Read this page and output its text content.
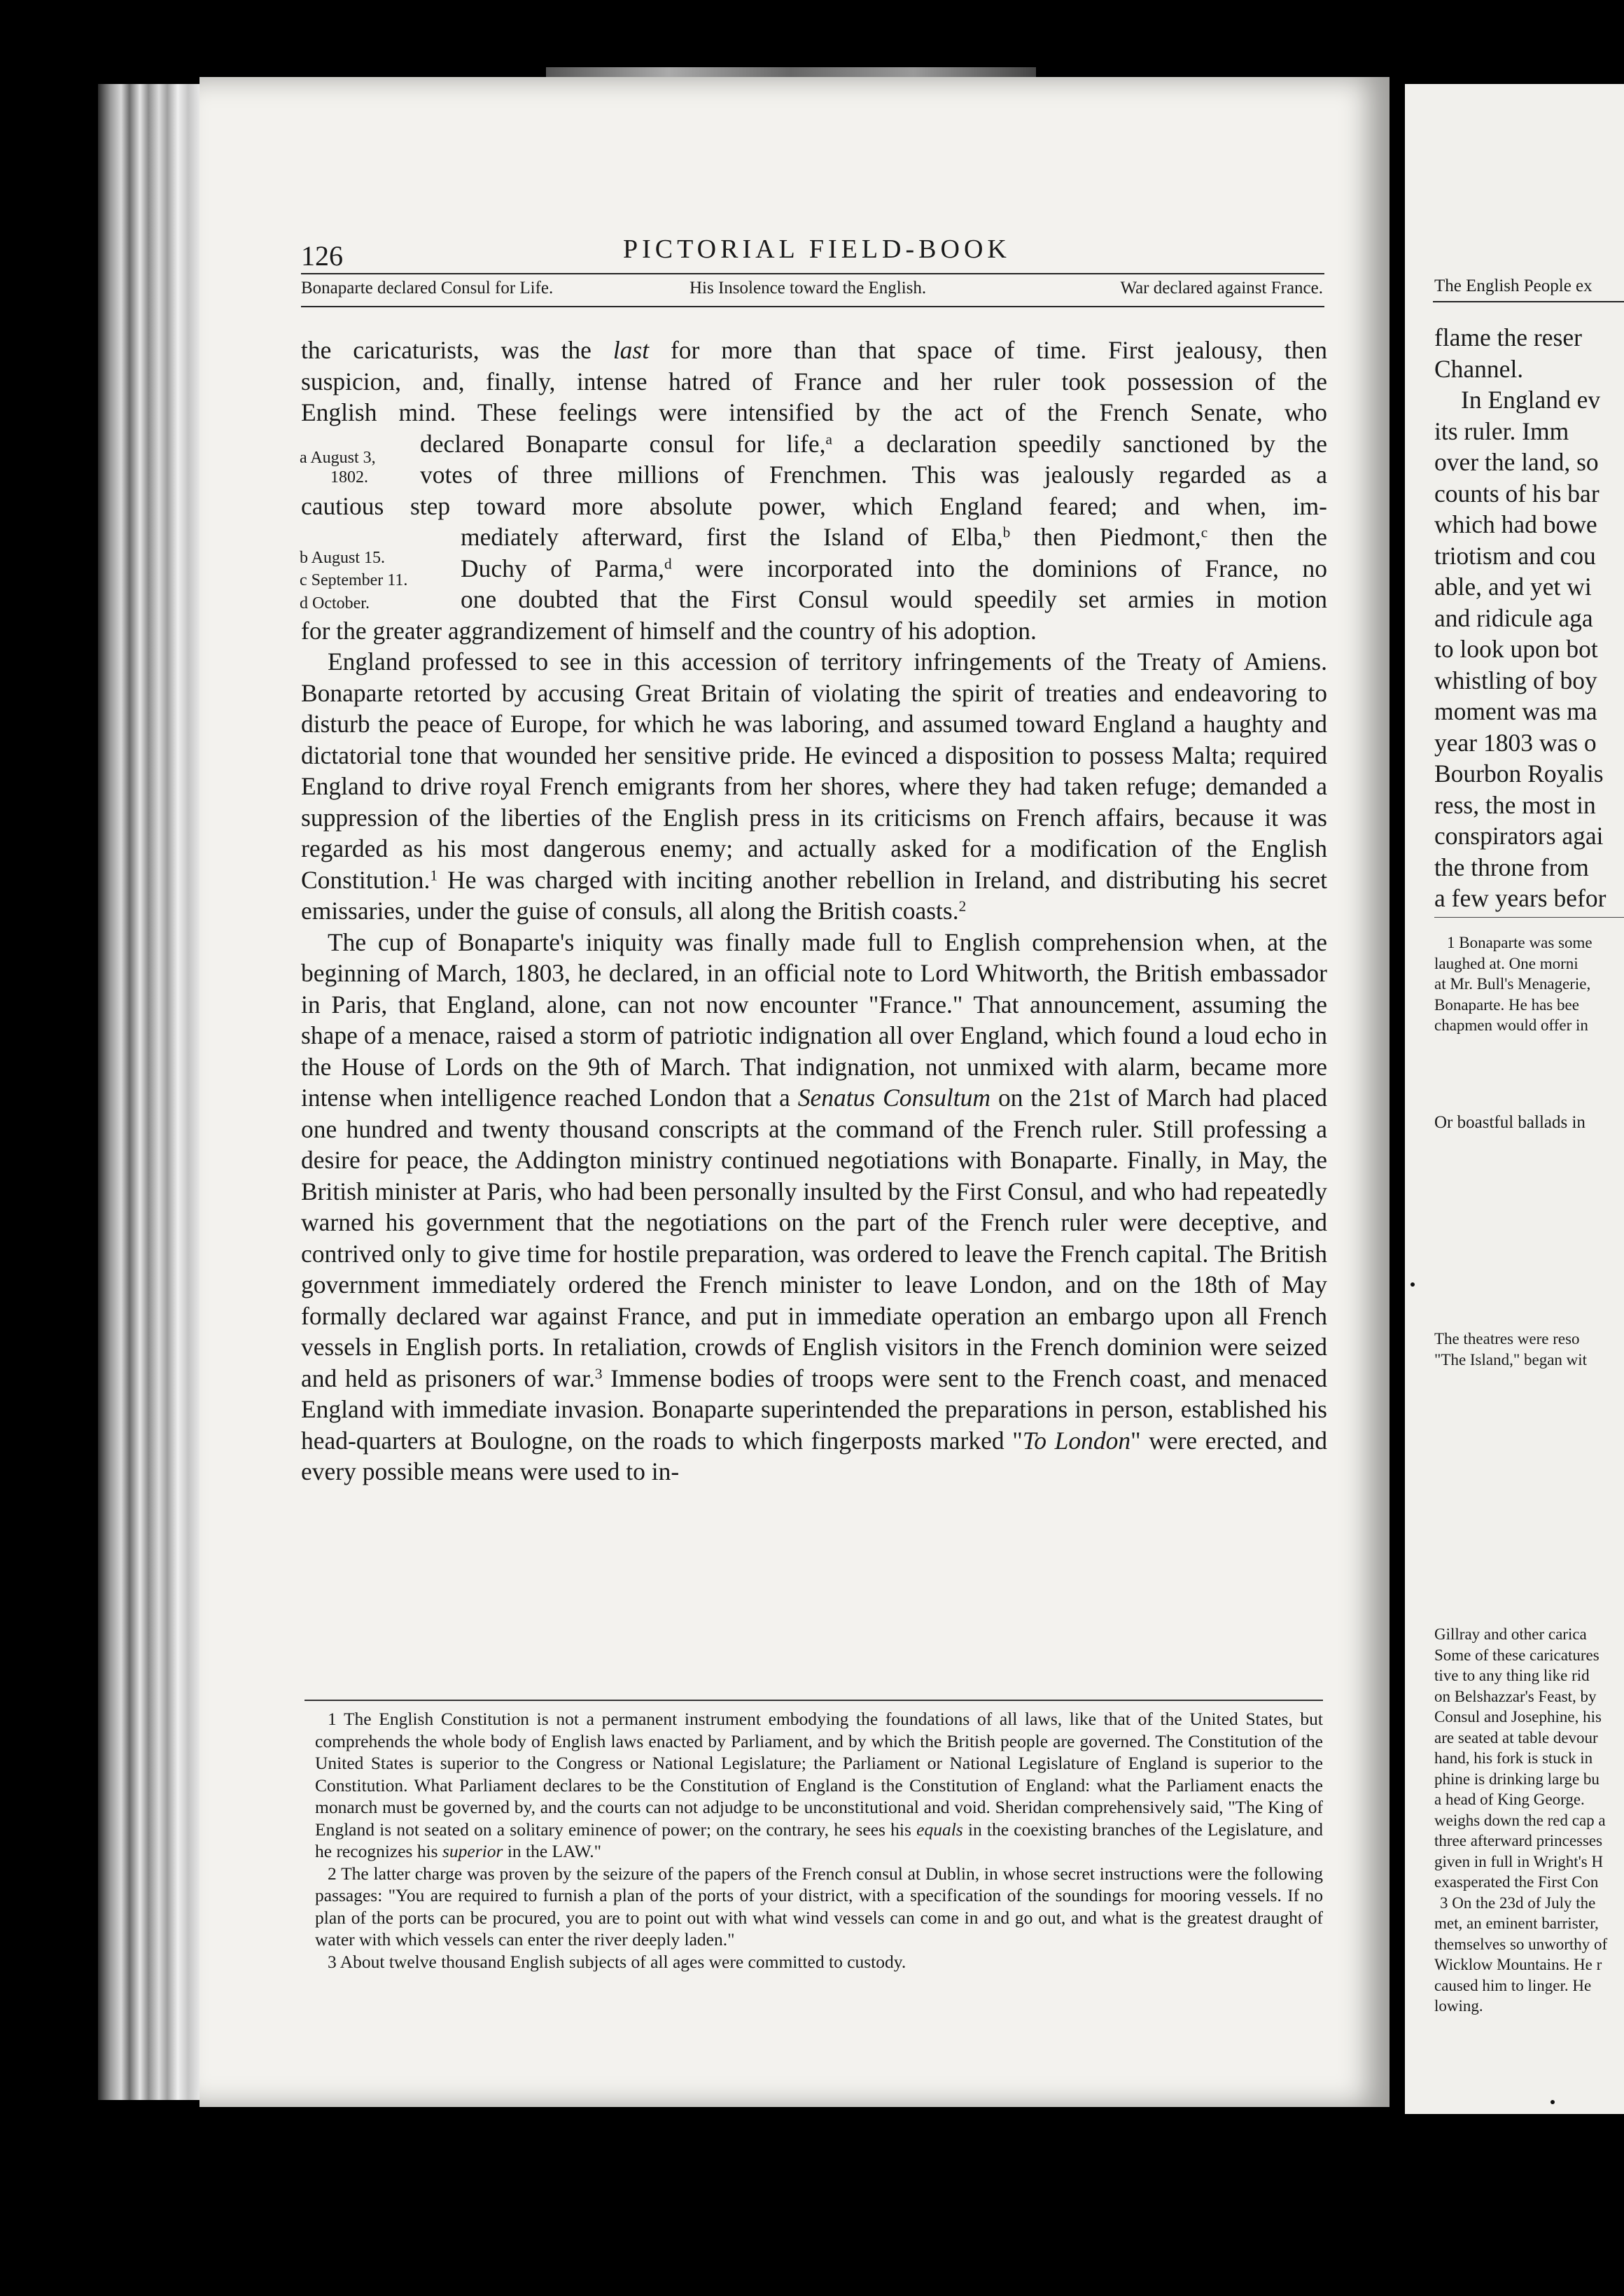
126	PICTORIAL FIELD-BOOK
Bonaparte declared Consul for Life.	His Insolence toward the English.	War declared against France.
a August 3,
1802.
b August 15.
c September 11.
d October.

the caricaturists, was the last for more than that space of time. First jealousy, then
suspicion, and, finally, intense hatred of France and her ruler took possession of the
English mind. These feelings were intensified by the act of the French Senate, who
declared Bonaparte consul for life,$^a$ a declaration speedily sanctioned by the
votes of three millions of Frenchmen. This was jealously regarded as a
cautious step toward more absolute power, which England feared; and when, im-
mediately afterward, first the Island of Elba,$^b$ then Piedmont,$^c$ then the
Duchy of Parma,$^d$ were incorporated into the dominions of France, no
one doubted that the First Consul would speedily set armies in motion
for the greater aggrandizement of himself and the country of his adoption.

England professed to see in this accession of territory infringements of the Treaty of Amiens. Bonaparte retorted by accusing Great Britain of violating the spirit of treaties and endeavoring to disturb the peace of Europe, for which he was laboring, and assumed toward England a haughty and dictatorial tone that wounded her sensitive pride. He evinced a disposition to possess Malta; required England to drive royal French emigrants from her shores, where they had taken refuge; demanded a suppression of the liberties of the English press in its criticisms on French affairs, because it was regarded as his most dangerous enemy; and actually asked for a modification of the English Constitution.$^1$ He was charged with inciting another rebellion in Ireland, and distributing his secret emissaries, under the guise of consuls, all along the British coasts.$^2$

The cup of Bonaparte's iniquity was finally made full to English comprehension when, at the beginning of March, 1803, he declared, in an official note to Lord Whitworth, the British embassador in Paris, that England, alone, can not now encounter "France." That announcement, assuming the shape of a menace, raised a storm of patriotic indignation all over England, which found a loud echo in the House of Lords on the 9th of March. That indignation, not unmixed with alarm, became more intense when intelligence reached London that a Senatus Consultum on the 21st of March had placed one hundred and twenty thousand conscripts at the command of the French ruler. Still professing a desire for peace, the Addington ministry continued negotiations with Bonaparte. Finally, in May, the British minister at Paris, who had been personally insulted by the First Consul, and who had repeatedly warned his government that the negotiations on the part of the French ruler were deceptive, and contrived only to give time for hostile preparation, was ordered to leave the French capital. The British government immediately ordered the French minister to leave London, and on the 18th of May formally declared war against France, and put in immediate operation an embargo upon all French vessels in English ports. In retaliation, crowds of English visitors in the French dominion were seized and held as prisoners of war.$^3$ Immense bodies of troops were sent to the French coast, and menaced England with immediate invasion. Bonaparte superintended the preparations in person, established his head-quarters at Boulogne, on the roads to which fingerposts marked "To London" were erected, and every possible means were used to in-

1 The English Constitution is not a permanent instrument embodying the foundations of all laws, like that of the United States, but comprehends the whole body of English laws enacted by Parliament, and by which the British people are governed. The Constitution of the United States is superior to the Congress or National Legislature; the Parliament or National Legislature of England is superior to the Constitution. What Parliament declares to be the Constitution of England is the Constitution of England: what the Parliament enacts the monarch must be governed by, and the courts can not adjudge to be unconstitutional and void. Sheridan comprehensively said, "The King of England is not seated on a solitary eminence of power; on the contrary, he sees his equals in the coexisting branches of the Legislature, and he recognizes his superior in the LAW."

2 The latter charge was proven by the seizure of the papers of the French consul at Dublin, in whose secret instructions were the following passages: "You are required to furnish a plan of the ports of your district, with a specification of the soundings for mooring vessels. If no plan of the ports can be procured, you are to point out with what wind vessels can come in and go out, and what is the greatest draught of water with which vessels can enter the river deeply laden."

3 About twelve thousand English subjects of all ages were committed to custody.

The English People ex
flame the reser
Channel.
In England ev
its ruler. Imm
over the land, so
counts of his bar
which had bowe
triotism and cou
able, and yet wi
and ridicule aga
to look upon bot
whistling of boy
moment was ma
year 1803 was o
Bourbon Royalis
ress, the most in
conspirators agai
the throne from
a few years befor
1 Bonaparte was some
laughed at. One morni
at Mr. Bull's Menagerie,
Bonaparte. He has bee
chapmen would offer in
Or boastful ballads in
The theatres were reso
"The Island," began wit
Gillray and other carica
Some of these caricatures
tive to any thing like rid
on Belshazzar's Feast, by
Consul and Josephine, his
are seated at table devour
hand, his fork is stuck in
phine is drinking large bu
a head of King George.
weighs down the red cap a
three afterward princesses
given in full in Wright's H
exasperated the First Con
3 On the 23d of July the
met, an eminent barrister,
themselves so unworthy of
Wicklow Mountains. He r
caused him to linger. He
lowing.
